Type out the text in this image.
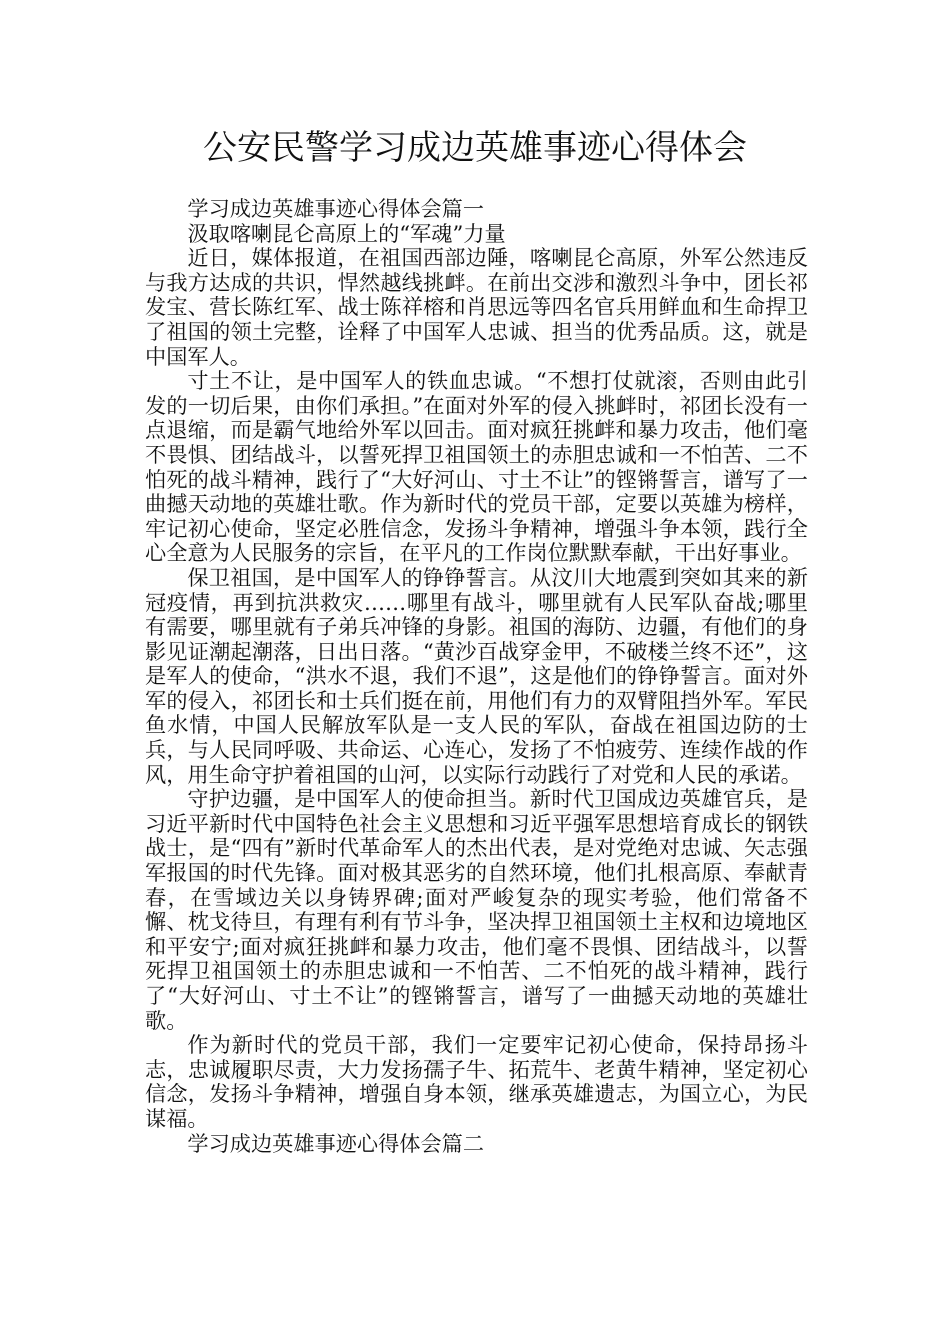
公安民警学习成边英雄事迹心得体会

学习成边英雄事迹心得体会篇一

汲取喀喇昆仑高原上的“军魂”力量

近日，媒体报道，在祖国西部边陲，喀喇昆仑高原，外军公然违反与我方达成的共识，悍然越线挑衅。在前出交涉和激烈斗争中，团长祁发宝、营长陈红军、战士陈祥榕和肖思远等四名官兵用鲜血和生命捍卫了祖国的领土完整，诠释了中国军人忠诚、担当的优秀品质。这，就是中国军人。

寸土不让，是中国军人的铁血忠诚。“不想打仗就滚，否则由此引发的一切后果，由你们承担。”在面对外军的侵入挑衅时，祁团长没有一点退缩，而是霸气地给外军以回击。面对疯狂挑衅和暴力攻击，他们毫不畏惧、团结战斗，以誓死捍卫祖国领土的赤胆忠诚和一不怕苦、二不怕死的战斗精神，践行了“大好河山、寸土不让”的铿锵誓言，谱写了一曲撼天动地的英雄壮歌。作为新时代的党员干部，定要以英雄为榜样，牢记初心使命，坚定必胜信念，发扬斗争精神，增强斗争本领，践行全心全意为人民服务的宗旨，在平凡的工作岗位默默奉献，干出好事业。

保卫祖国，是中国军人的铮铮誓言。从汶川大地震到突如其来的新冠疫情，再到抗洪救灾……哪里有战斗，哪里就有人民军队奋战;哪里有需要，哪里就有子弟兵冲锋的身影。祖国的海防、边疆，有他们的身影见证潮起潮落，日出日落。“黄沙百战穿金甲，不破楼兰终不还”，这是军人的使命，“洪水不退，我们不退”，这是他们的铮铮誓言。面对外军的侵入，祁团长和士兵们挺在前，用他们有力的双臂阻挡外军。军民鱼水情，中国人民解放军队是一支人民的军队，奋战在祖国边防的士兵，与人民同呼吸、共命运、心连心，发扬了不怕疲劳、连续作战的作风，用生命守护着祖国的山河，以实际行动践行了对党和人民的承诺。

守护边疆，是中国军人的使命担当。新时代卫国成边英雄官兵，是习近平新时代中国特色社会主义思想和习近平强军思想培育成长的钢铁战士，是“四有”新时代革命军人的杰出代表，是对党绝对忠诚、矢志强军报国的时代先锋。面对极其恶劣的自然环境，他们扎根高原、奉献青春，在雪域边关以身铸界碑;面对严峻复杂的现实考验，他们常备不懈、枕戈待旦，有理有利有节斗争，坚决捍卫祖国领土主权和边境地区和平安宁;面对疯狂挑衅和暴力攻击，他们毫不畏惧、团结战斗，以誓死捍卫祖国领土的赤胆忠诚和一不怕苦、二不怕死的战斗精神，践行了“大好河山、寸土不让”的铿锵誓言，谱写了一曲撼天动地的英雄壮歌。

作为新时代的党员干部，我们一定要牢记初心使命，保持昂扬斗志，忠诚履职尽责，大力发扬孺子牛、拓荒牛、老黄牛精神，坚定初心信念，发扬斗争精神，增强自身本领，继承英雄遗志，为国立心，为民谋福。

学习成边英雄事迹心得体会篇二
